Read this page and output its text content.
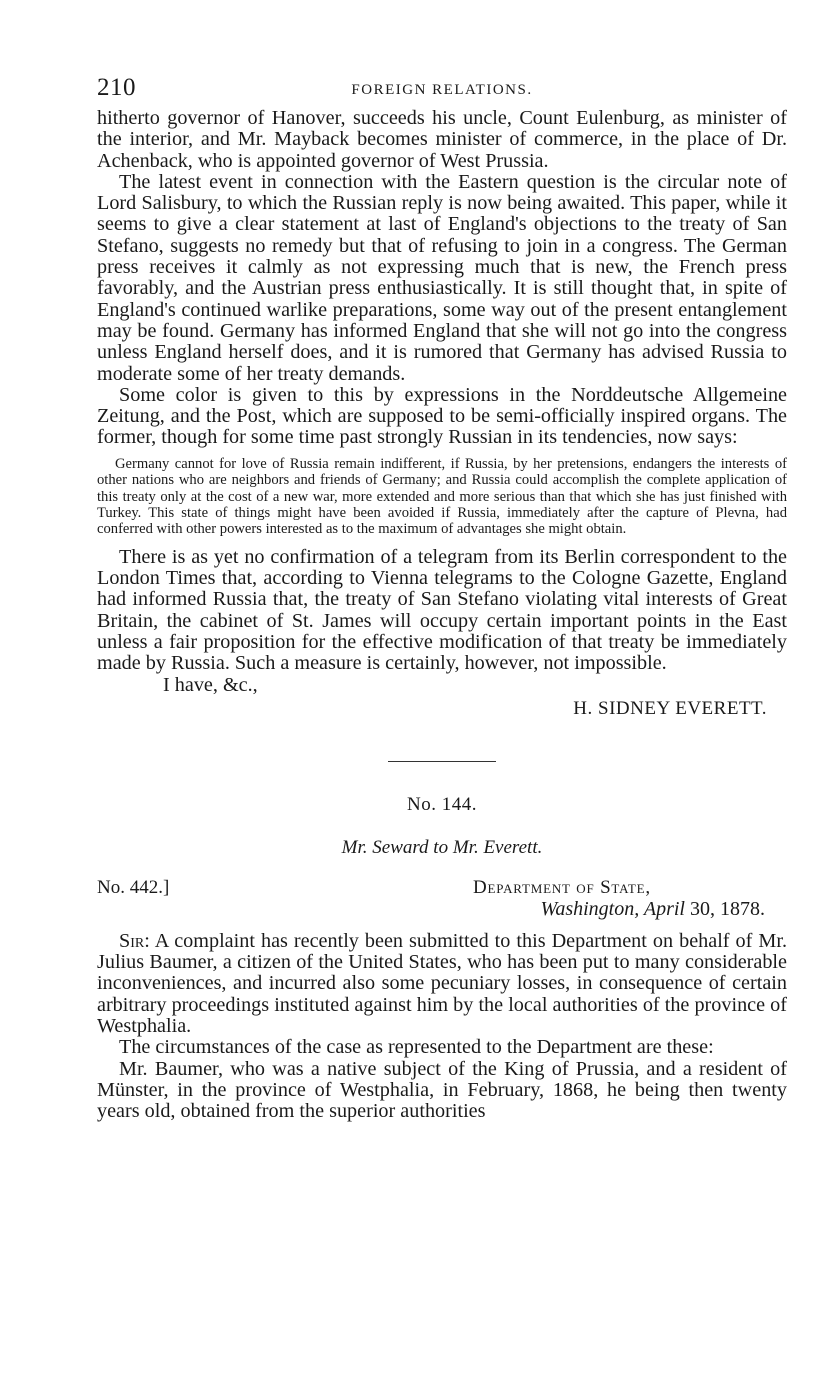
210	FOREIGN RELATIONS.

hitherto governor of Hanover, succeeds his uncle, Count Eulenburg, as minister of the interior, and Mr. Mayback becomes minister of commerce, in the place of Dr. Achenback, who is appointed governor of West Prussia.

The latest event in connection with the Eastern question is the circular note of Lord Salisbury, to which the Russian reply is now being awaited. This paper, while it seems to give a clear statement at last of England's objections to the treaty of San Stefano, suggests no remedy but that of refusing to join in a congress. The German press receives it calmly as not expressing much that is new, the French press favorably, and the Austrian press enthusiastically. It is still thought that, in spite of England's continued warlike preparations, some way out of the present entanglement may be found. Germany has informed England that she will not go into the congress unless England herself does, and it is rumored that Germany has advised Russia to moderate some of her treaty demands.

Some color is given to this by expressions in the Norddeutsche Allgemeine Zeitung, and the Post, which are supposed to be semi-officially inspired organs. The former, though for some time past strongly Russian in its tendencies, now says:

Germany cannot for love of Russia remain indifferent, if Russia, by her pretensions, endangers the interests of other nations who are neighbors and friends of Germany; and Russia could accomplish the complete application of this treaty only at the cost of a new war, more extended and more serious than that which she has just finished with Turkey. This state of things might have been avoided if Russia, immediately after the capture of Plevna, had conferred with other powers interested as to the maximum of advantages she might obtain.

There is as yet no confirmation of a telegram from its Berlin correspondent to the London Times that, according to Vienna telegrams to the Cologne Gazette, England had informed Russia that, the treaty of San Stefano violating vital interests of Great Britain, the cabinet of St. James will occupy certain important points in the East unless a fair proposition for the effective modification of that treaty be immediately made by Russia. Such a measure is certainly, however, not impossible.

I have, &c.,
H. SIDNEY EVERETT.
No. 144.
Mr. Seward to Mr. Everett.
No. 442.]	Department of State,
Washington, April 30, 1878.

Sir: A complaint has recently been submitted to this Department on behalf of Mr. Julius Baumer, a citizen of the United States, who has been put to many considerable inconveniences, and incurred also some pecuniary losses, in consequence of certain arbitrary proceedings instituted against him by the local authorities of the province of Westphalia.

The circumstances of the case as represented to the Department are these:

Mr. Baumer, who was a native subject of the King of Prussia, and a resident of Münster, in the province of Westphalia, in February, 1868, he being then twenty years old, obtained from the superior authorities
